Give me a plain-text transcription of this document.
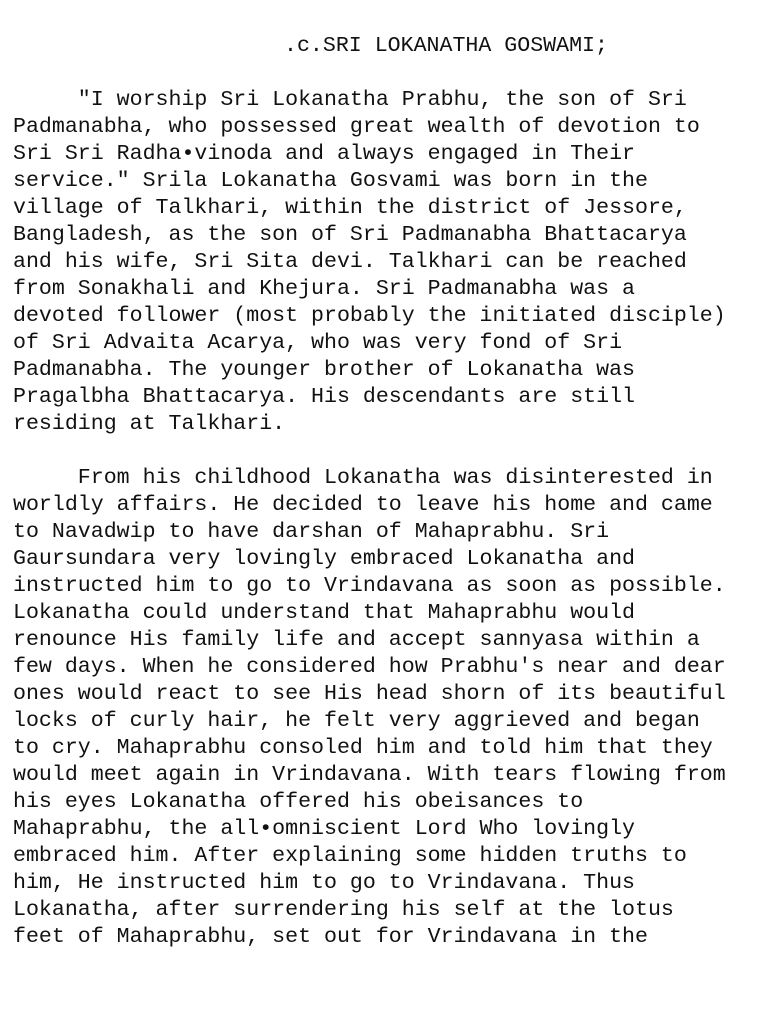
.c.SRI LOKANATHA GOSWAMI;
"I worship Sri Lokanatha Prabhu, the son of Sri
Padmanabha, who possessed great wealth of devotion to
Sri Sri Radha•vinoda and always engaged in Their
service." Srila Lokanatha Gosvami was born in the
village of Talkhari, within the district of Jessore,
Bangladesh, as the son of Sri Padmanabha Bhattacarya
and his wife, Sri Sita devi. Talkhari can be reached
from Sonakhali and Khejura. Sri Padmanabha was a
devoted follower (most probably the initiated disciple)
of Sri Advaita Acarya, who was very fond of Sri
Padmanabha. The younger brother of Lokanatha was
Pragalbha Bhattacarya. His descendants are still
residing at Talkhari.
From his childhood Lokanatha was disinterested in
worldly affairs. He decided to leave his home and came
to Navadwip to have darshan of Mahaprabhu. Sri
Gaursundara very lovingly embraced Lokanatha and
instructed him to go to Vrindavana as soon as possible.
Lokanatha could understand that Mahaprabhu would
renounce His family life and accept sannyasa within a
few days. When he considered how Prabhu's near and dear
ones would react to see His head shorn of its beautiful
locks of curly hair, he felt very aggrieved and began
to cry. Mahaprabhu consoled him and told him that they
would meet again in Vrindavana. With tears flowing from
his eyes Lokanatha offered his obeisances to
Mahaprabhu, the all•omniscient Lord Who lovingly
embraced him. After explaining some hidden truths to
him, He instructed him to go to Vrindavana. Thus
Lokanatha, after surrendering his self at the lotus
feet of Mahaprabhu, set out for Vrindavana in the
